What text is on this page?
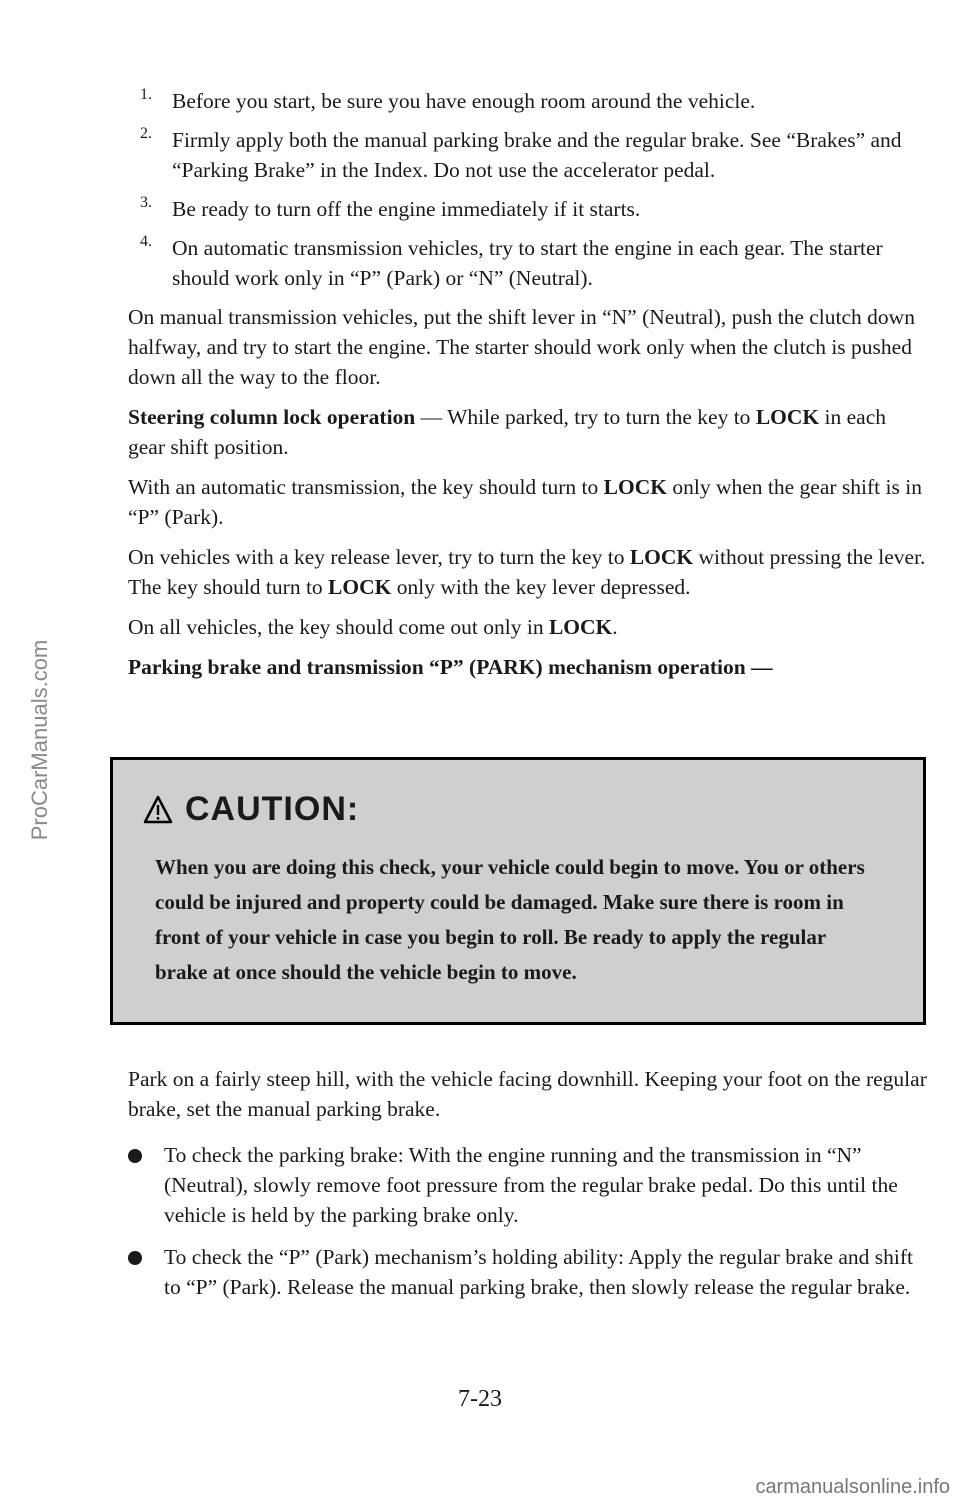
ProCarManuals.com
1. Before you start, be sure you have enough room around the vehicle.

2. Firmly apply both the manual parking brake and the regular brake. See “Brakes” and “Parking Brake” in the Index. Do not use the accelerator pedal.

3. Be ready to turn off the engine immediately if it starts.

4. On automatic transmission vehicles, try to start the engine in each gear. The starter should work only in “P” (Park) or “N” (Neutral).

On manual transmission vehicles, put the shift lever in “N” (Neutral), push the clutch down halfway, and try to start the engine. The starter should work only when the clutch is pushed down all the way to the floor.

Steering column lock operation — While parked, try to turn the key to LOCK in each gear shift position.

With an automatic transmission, the key should turn to LOCK only when the gear shift is in “P” (Park).

On vehicles with a key release lever, try to turn the key to LOCK without pressing the lever. The key should turn to LOCK only with the key lever depressed.

On all vehicles, the key should come out only in LOCK.

Parking brake and transmission “P” (PARK) mechanism operation —

CAUTION:
When you are doing this check, your vehicle could begin to move. You or others could be injured and property could be damaged. Make sure there is room in front of your vehicle in case you begin to roll. Be ready to apply the regular brake at once should the vehicle begin to move.

Park on a fairly steep hill, with the vehicle facing downhill. Keeping your foot on the regular brake, set the manual parking brake.

To check the parking brake: With the engine running and the transmission in “N” (Neutral), slowly remove foot pressure from the regular brake pedal. Do this until the vehicle is held by the parking brake only.

To check the “P” (Park) mechanism’s holding ability: Apply the regular brake and shift to “P” (Park). Release the manual parking brake, then slowly release the regular brake.

7-23
carmanualsonline.info
